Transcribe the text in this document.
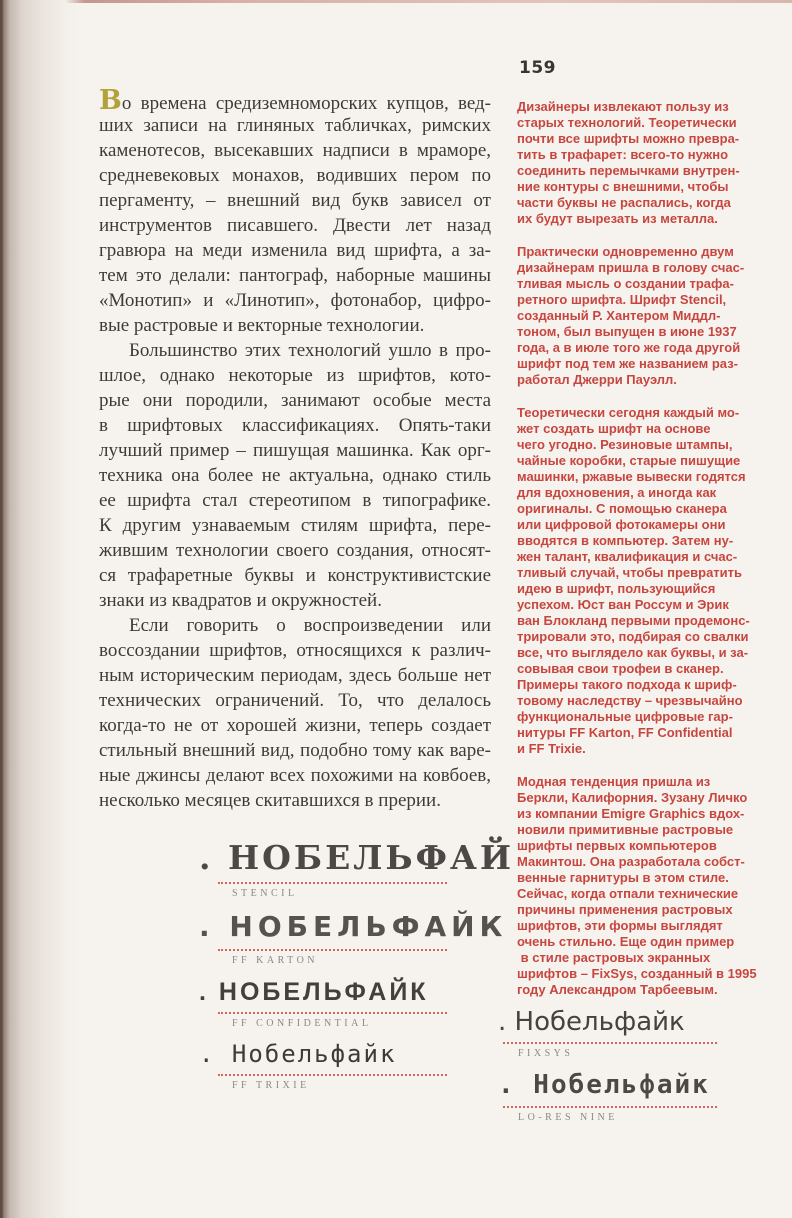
159
Во времена средиземноморских купцов, вед-
ших записи на глиняных табличках, римских
каменотесов, высекавших надписи в мраморе,
средневековых монахов, водивших пером по
пергаменту, – внешний вид букв зависел от
инструментов писавшего. Двести лет назад
гравюра на меди изменила вид шрифта, а за-
тем это делали: пантограф, наборные машины
«Монотип» и «Линотип», фотонабор, цифро-
вые растровые и векторные технологии.
Большинство этих технологий ушло в про-
шлое, однако некоторые из шрифтов, кото-
рые они породили, занимают особые места
в шрифтовых классификациях. Опять-таки
лучший пример – пишущая машинка. Как орг-
техника она более не актуальна, однако стиль
ее шрифта стал стереотипом в типографике.
К другим узнаваемым стилям шрифта, пере-
жившим технологии своего создания, относят-
ся трафаретные буквы и конструктивистские
знаки из квадратов и окружностей.
Если говорить о воспроизведении или
воссоздании шрифтов, относящихся к различ-
ным историческим периодам, здесь больше нет
технических ограничений. То, что делалось
когда-то не от хорошей жизни, теперь создает
стильный внешний вид, подобно тому как варе-
ные джинсы делают всех похожими на ковбоев,
несколько месяцев скитавшихся в прерии.
Дизайнеры извлекают пользу из
старых технологий. Теоретически
почти все шрифты можно превра-
тить в трафарет: всего-то нужно
соединить перемычками внутрен-
ние контуры с внешними, чтобы
части буквы не распались, когда
их будут вырезать из металла.
Практически одновременно двум
дизайнерам пришла в голову счас-
тливая мысль о создании трафа-
ретного шрифта. Шрифт Stencil,
созданный Р. Хантером Миддл-
тоном, был выпущен в июне 1937
года, а в июле того же года другой
шрифт под тем же названием раз-
работал Джерри Пауэлл.
Теоретически сегодня каждый мо-
жет создать шрифт на основе
чего угодно. Резиновые штампы,
чайные коробки, старые пишущие
машинки, ржавые вывески годятся
для вдохновения, а иногда как
оригиналы. С помощью сканера
или цифровой фотокамеры они
вводятся в компьютер. Затем ну-
жен талант, квалификация и счас-
тливый случай, чтобы превратить
идею в шрифт, пользующийся
успехом. Юст ван Россум и Эрик
ван Блокланд первыми продемонс-
трировали это, подбирая со свалки
все, что выглядело как буквы, и за-
совывая свои трофеи в сканер.
Примеры такого подхода к шриф-
товому наследству – чрезвычайно
функциональные цифровые гар-
нитуры FF Karton, FF Confidential
и FF Trixie.
Модная тенденция пришла из
Беркли, Калифорния. Зузану Личко
из компании Emigre Graphics вдох-
новили примитивные растровые
шрифты первых компьютеров
Макинтош. Она разработала собст-
венные гарнитуры в этом стиле.
Сейчас, когда отпали технические
причины применения растровых
шрифтов, эти формы выглядят
очень стильно. Еще один пример
в стиле растровых экранных
шрифтов – FixSys, созданный в 1995
году Александром Тарбеевым.
. НОБЕЛЬФАЙ
STENCIL
. НОБЕЛЬФАЙК
FF KARTON
. НОБЕЛЬФАЙК
FF CONFIDENTIAL
. Нобельфайк
FF TRIXIE
. Нобельфайк
FIXSYS
. Нобельфайк
LO-RES NINE
